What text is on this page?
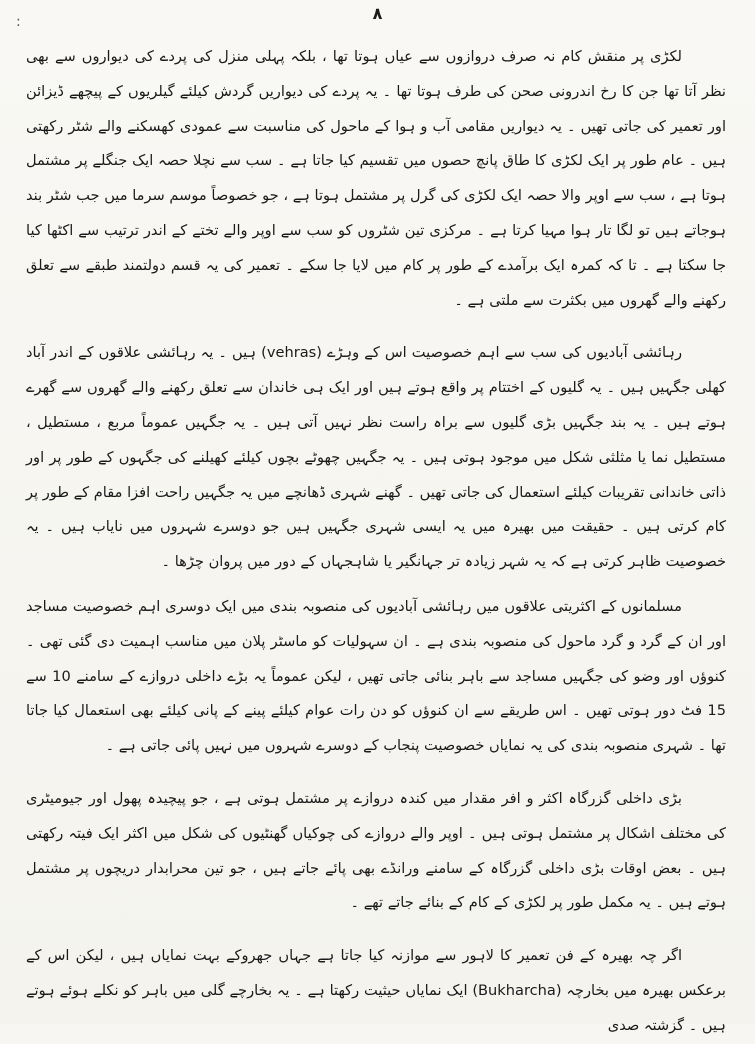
۸
:

لکڑی پر منقش کام نہ صرف دروازوں سے عیاں ہوتا تھا ، بلکہ پہلی منزل کی پردے کی دیواروں سے بھی نظر آتا تھا جن کا رخ اندرونی صحن کی طرف ہوتا تھا ۔ یہ پردے کی دیواریں گردش کیلئے گیلریوں کے پیچھے ڈیزائن اور تعمیر کی جاتی تھیں ۔ یہ دیواریں مقامی آب و ہوا کے ماحول کی مناسبت سے عمودی کھسکنے والے شٹر رکھتی ہیں ۔ عام طور پر ایک لکڑی کا طاق پانچ حصوں میں تقسیم کیا جاتا ہے ۔ سب سے نچلا حصہ ایک جنگلے پر مشتمل ہوتا ہے ، سب سے اوپر والا حصہ ایک لکڑی کی گرل پر مشتمل ہوتا ہے ، جو خصوصاً موسم سرما میں جب شٹر بند ہوجاتے ہیں تو لگا تار ہوا مہیا کرتا ہے ۔ مرکزی تین شٹروں کو سب سے اوپر والے تختے کے اندر ترتیب سے اکٹھا کیا جا سکتا ہے ۔ تا کہ کمرہ ایک برآمدے کے طور پر کام میں لایا جا سکے ۔ تعمیر کی یہ قسم دولتمند طبقے سے تعلق رکھنے والے گھروں میں بکثرت سے ملتی ہے ۔

رہائشی آبادیوں کی سب سے اہم خصوصیت اس کے وہڑے (vehras) ہیں ۔ یہ رہائشی علاقوں کے اندر آباد کھلی جگہیں ہیں ۔ یہ گلیوں کے اختتام پر واقع ہوتے ہیں اور ایک ہی خاندان سے تعلق رکھنے والے گھروں سے گھرے ہوتے ہیں ۔ یہ بند جگہیں بڑی گلیوں سے براہ راست نظر نہیں آتی ہیں ۔ یہ جگہیں عموماً مربع ، مستطیل ، مستطیل نما یا مثلثی شکل میں موجود ہوتی ہیں ۔ یہ جگہیں چھوٹے بچوں کیلئے کھیلنے کی جگہوں کے طور پر اور ذاتی خاندانی تقریبات کیلئے استعمال کی جاتی تھیں ۔ گھنے شہری ڈھانچے میں یہ جگہیں راحت افزا مقام کے طور پر کام کرتی ہیں ۔ حقیقت میں بھیرہ میں یہ ایسی شہری جگہیں ہیں جو دوسرے شہروں میں نایاب ہیں ۔ یہ خصوصیت ظاہر کرتی ہے کہ یہ شہر زیادہ تر جہانگیر یا شاہجہاں کے دور میں پروان چڑھا ۔

مسلمانوں کے اکثریتی علاقوں میں رہائشی آبادیوں کی منصوبہ بندی میں ایک دوسری اہم خصوصیت مساجد اور ان کے گرد و گرد ماحول کی منصوبہ بندی ہے ۔ ان سہولیات کو ماسٹر پلان میں مناسب اہمیت دی گئی تھی ۔ کنوؤں اور وضو کی جگہیں مساجد سے باہر بنائی جاتی تھیں ، لیکن عموماً یہ بڑے داخلی دروازے کے سامنے 10 سے 15 فٹ دور ہوتی تھیں ۔ اس طریقے سے ان کنوؤں کو دن رات عوام کیلئے پینے کے پانی کیلئے بھی استعمال کیا جاتا تھا ۔ شہری منصوبہ بندی کی یہ نمایاں خصوصیت پنجاب کے دوسرے شہروں میں نہیں پائی جاتی ہے ۔

بڑی داخلی گزرگاہ اکثر و افر مقدار میں کندہ دروازے پر مشتمل ہوتی ہے ، جو پیچیدہ پھول اور جیومیٹری کی مختلف اشکال پر مشتمل ہوتی ہیں ۔ اوپر والے دروازے کی چوکیاں گھنٹیوں کی شکل میں اکثر ایک فیتہ رکھتی ہیں ۔ بعض اوقات بڑی داخلی گزرگاہ کے سامنے ورانڈے بھی پائے جاتے ہیں ، جو تین محرابدار دریچوں پر مشتمل ہوتے ہیں ۔ یہ مکمل طور پر لکڑی کے کام کے بنائے جاتے تھے ۔

اگر چہ بھیرہ کے فن تعمیر کا لاہور سے موازنہ کیا جاتا ہے جہاں جھروکے بہت نمایاں ہیں ، لیکن اس کے برعکس بھیرہ میں بخارچہ (Bukharcha) ایک نمایاں حیثیت رکھتا ہے ۔ یہ بخارچے گلی میں باہر کو نکلے ہوئے ہوتے ہیں ۔ گزشتہ صدی
